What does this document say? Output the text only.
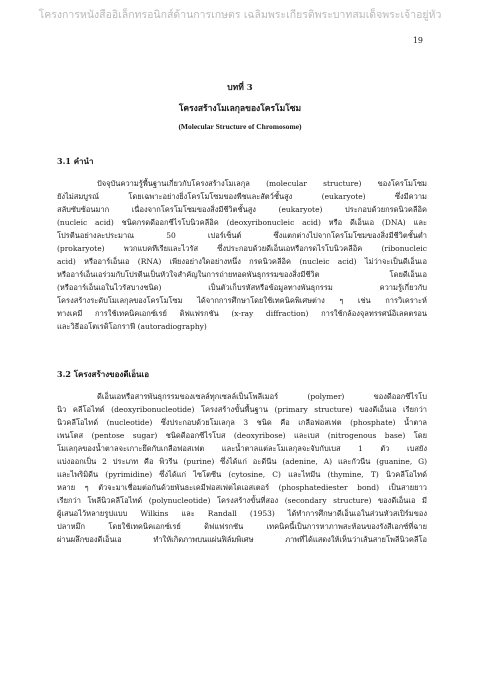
โครงการหนังสืออิเล็กทรอนิกส์ด้านการเกษตร เฉลิมพระเกียรติพระบาทสมเด็จพระเจ้าอยู่หัว
19
บทที่ 3
โครงสร้างโมเลกุลของโครโมโซม
(Molecular Structure of Chromosome)
3.1 คำนำ
ปัจจุบันความรู้พื้นฐานเกี่ยวกับโครงสร้างโมเลกุล (molecular structure) ของโครโมโซม
ยังไม่สมบูรณ์ โดยเฉพาะอย่างยิ่งโครโมโซมของพืชและสัตว์ชั้นสูง (eukaryote) ซึ่งมีความ
สลับซับซ้อนมาก เนื่องจากโครโมโซมของสิ่งมีชีวิตชั้นสูง (eukaryote) ประกอบด้วยกรดนิวคลีอิค
(nucleic acid) ชนิดกรดดีออกซีไรโบนิวคลีอิค (deoxyribonucleic acid) หรือ ดีเอ็นเอ (DNA) และ
โปรตีนอย่างละประมาณ 50 เปอร์เซ็นต์ ซึ่งแตกต่างไปจากโครโมโซมของสิ่งมีชีวิตชั้นต่ำ
(prokaryote) พวกแบคทีเรียและไวรัส ซึ่งประกอบด้วยดีเอ็นเอหรือกรดไรโบนิวคลีอิค (ribonucleic
acid) หรืออาร์เอ็นเอ (RNA) เพียงอย่างใดอย่างหนึ่ง กรดนิวคลีอิค (nucleic acid) ไม่ว่าจะเป็นดีเอ็นเอ
หรืออาร์เอ็นเอร่วมกับโปรตีนเป็นหัวใจสำคัญในการถ่ายทอดพันธุกรรมของสิ่งมีชีวิต โดยดีเอ็นเอ
(หรืออาร์เอ็นเอในไวรัสบางชนิด) เป็นตัวเก็บรหัสหรือข้อมูลทางพันธุกรรม ความรู้เกี่ยวกับ
โครงสร้างระดับโมเลกุลของโครโมโซม ได้จากการศึกษาโดยใช้เทคนิคพิเศษต่าง ๆ เช่น การวิเคราะห์
ทางเคมี การใช้เทคนิคเอกซ์เรย์ ดิฟแฟรกชัน (x-ray diffraction) การใช้กล้องจุลทรรศน์อิเลคตรอน
และวิธีออโตเรดิโอกราฟี (autoradiography)
3.2 โครงสร้างของดีเอ็นเอ
ดีเอ็นเอหรือสารพันธุกรรมของเซลล์ทุกเซลล์เป็นโพลีเมอร์ (polymer) ของดีออกซีไรโบ
นิว คลีโอไทด์ (deoxyribonucleotide) โครงสร้างขั้นพื้นฐาน (primary structure) ของดีเอ็นเอ เรียกว่า
นิวคลีโอไทด์ (nucleotide) ซึ่งประกอบด้วยโมเลกุล 3 ชนิด คือ เกลือฟอสเฟต (phosphate) น้ำตาล
เพนโตส (pentose sugar) ชนิดดีออกซีไรโบส (deoxyribose) และเบส (nitrogenous base) โดย
โมเลกุลของน้ำตาลจะเกาะยึดกับเกลือฟอสเฟต และน้ำตาลแต่ละโมเลกุลจะจับกับเบส 1 ตัว เบสยัง
แบ่งออกเป็น 2 ประเภท คือ พิวรีน (purine) ซึ่งได้แก่ อะดีนีน (adenine, A) และกัวนีน (guanine, G)
และไพริมิดีน (pyrimidine) ซึ่งได้แก่ ไซโตซีน (cytosine, C) และไทมีน (thymine, T) นิวคลีโอไทด์
หลาย ๆ ตัวจะมาเชื่อมต่อกันด้วยพันธะเคมีฟอสเฟตไดเอสเตอร์ (phosphatediester bond) เป็นสายยาว
เรียกว่า โพลีนิวคลีโอไทด์ (polynucleotide) โครงสร้างขั้นที่สอง (secondary structure) ของดีเอ็นเอ มี
ผู้เสนอไว้หลายรูปแบบ Wilkins และ Randall (1953) ได้ทำการศึกษาดีเอ็นเอในส่วนหัวสเปิร์มของ
ปลาหมึก โดยใช้เทคนิคเอกซ์เรย์ ดิฟแฟรกชัน เทคนิคนี้เป็นการหาภาพสะท้อนของรังสีเอกซ์ที่ฉาย
ผ่านผลึกของดีเอ็นเอ ทำให้เกิดภาพบนแผ่นฟิล์มพิเศษ ภาพที่ได้แสดงให้เห็นว่าเส้นสายโพลีนิวคลีโอ
